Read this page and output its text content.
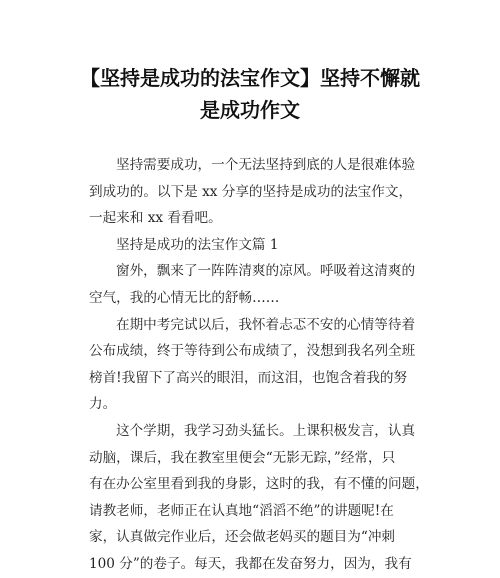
【坚持是成功的法宝作文】坚持不懈就
是成功作文
坚持需要成功，一个无法坚持到底的人是很难体验
到成功的。以下是 xx 分享的坚持是成功的法宝作文，
一起来和 xx 看看吧。
坚持是成功的法宝作文篇 1
窗外，飘来了一阵阵清爽的凉风。呼吸着这清爽的
空气，我的心情无比的舒畅……
在期中考完试以后，我怀着忐忑不安的心情等待着
公布成绩，终于等待到公布成绩了，没想到我名列全班
榜首!我留下了高兴的眼泪，而这泪，也饱含着我的努
力。
这个学期，我学习劲头猛长。上课积极发言，认真
动脑，课后，我在教室里便会“无影无踪，”经常，只
有在办公室里看到我的身影，这时的我，有不懂的问题，
请教老师，老师正在认真地“滔滔不绝”的讲题呢!在
家，认真做完作业后，还会做老妈买的题目为“冲刺
100 分”的卷子。每天，我都在发奋努力，因为，我有
